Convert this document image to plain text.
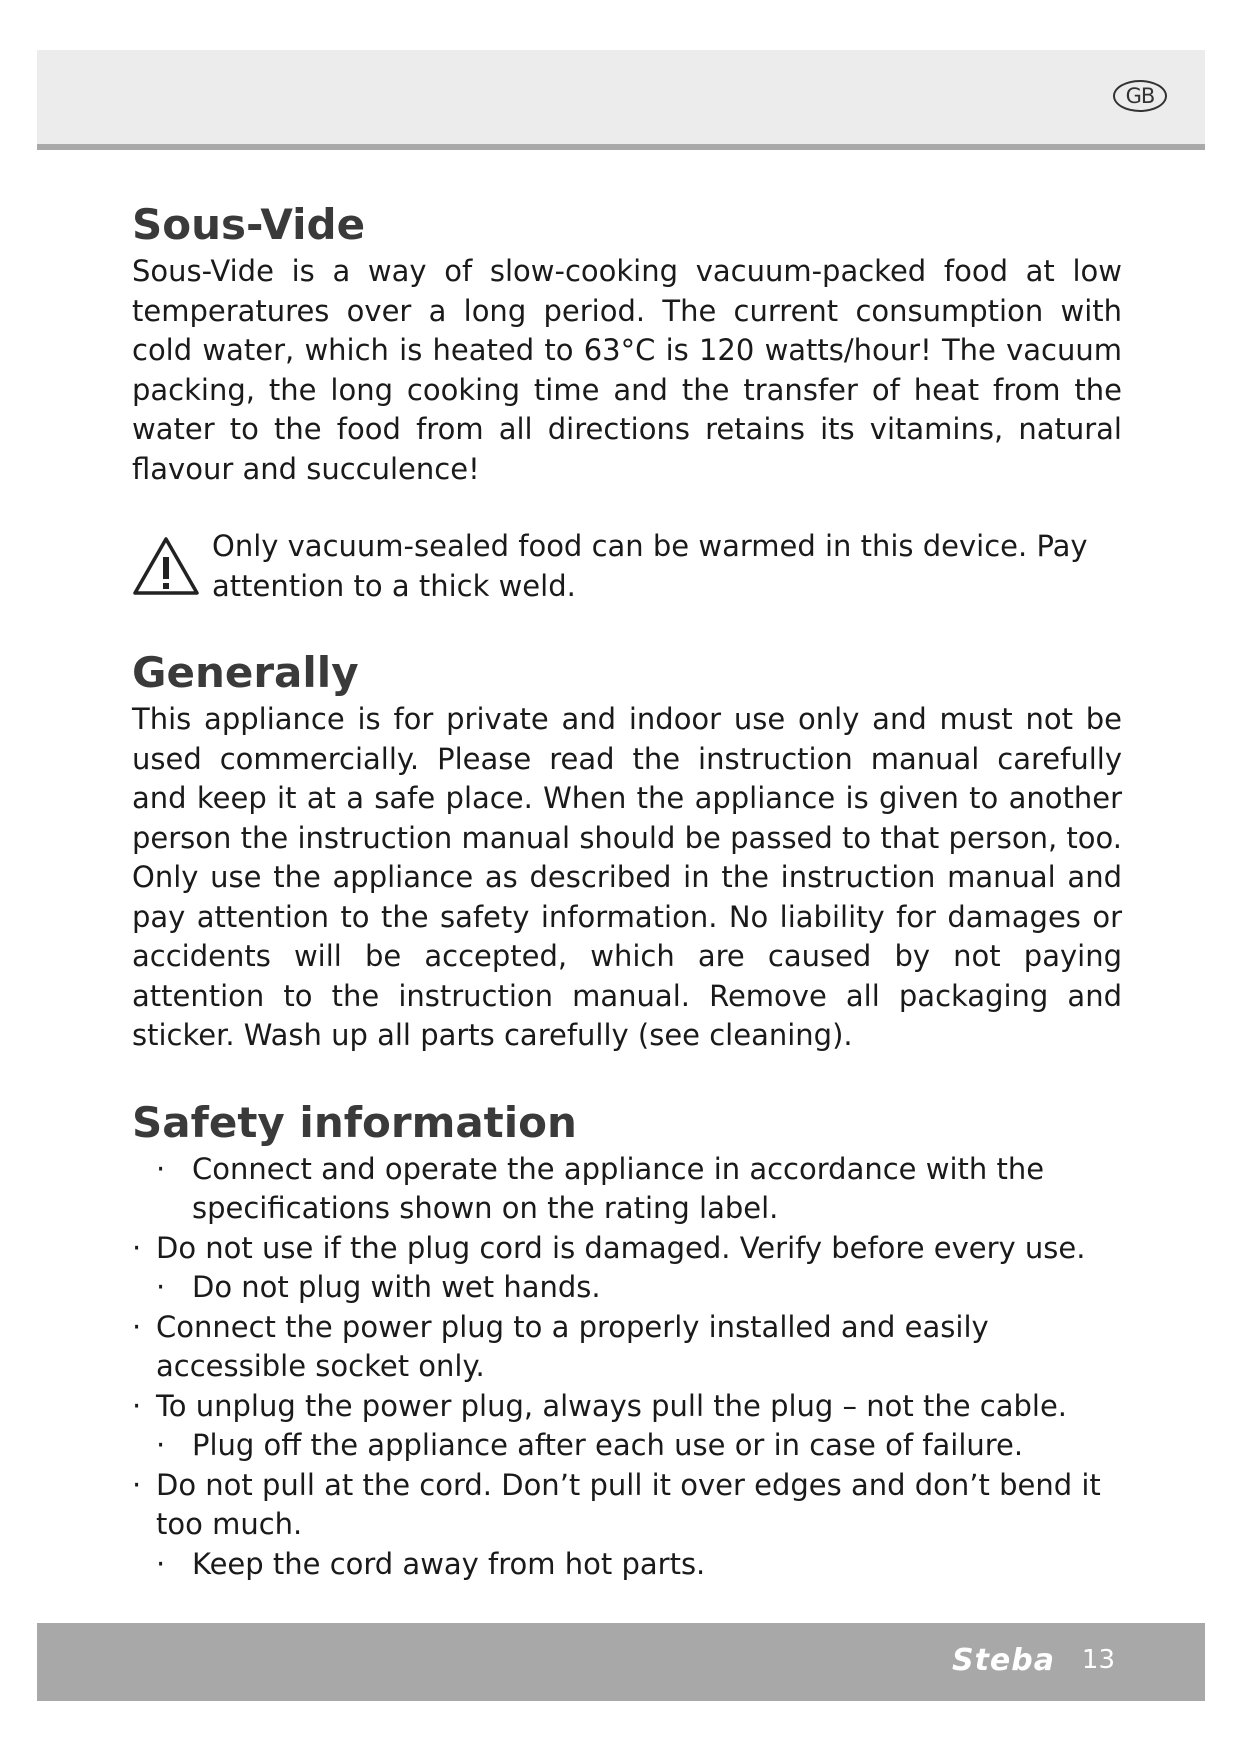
GB
Sous-Vide

Sous-Vide is a way of slow-cooking vacuum-packed food at low temperatures over a long period. The current consumption with cold water, which is heated to 63°C is 120 watts/hour! The vacuum packing, the long cooking time and the transfer of heat from the water to the food from all directions retains its vitamins, natural flavour and succulence!

Only vacuum-sealed food can be warmed in this device. Pay attention to a thick weld.

Generally

This appliance is for private and indoor use only and must not be used commercially. Please read the instruction manual carefully and keep it at a safe place. When the appliance is given to another person the instruction manual should be passed to that person, too. Only use the appliance as described in the instruction manual and pay attention to the safety information. No liability for damages or accidents will be accepted, which are caused by not paying attention to the instruction manual. Remove all packaging and sticker. Wash up all parts carefully (see cleaning).

Safety information
· Connect and operate the appliance in accordance with the specifications shown on the rating label.
· Do not use if the plug cord is damaged. Verify before every use.
· Do not plug with wet hands.
· Connect the power plug to a properly installed and easily accessible socket only.
· To unplug the power plug, always pull the plug – not the cable.
· Plug off the appliance after each use or in case of failure.
· Do not pull at the cord. Don’t pull it over edges and don’t bend it too much.
· Keep the cord away from hot parts.
Steba 13
